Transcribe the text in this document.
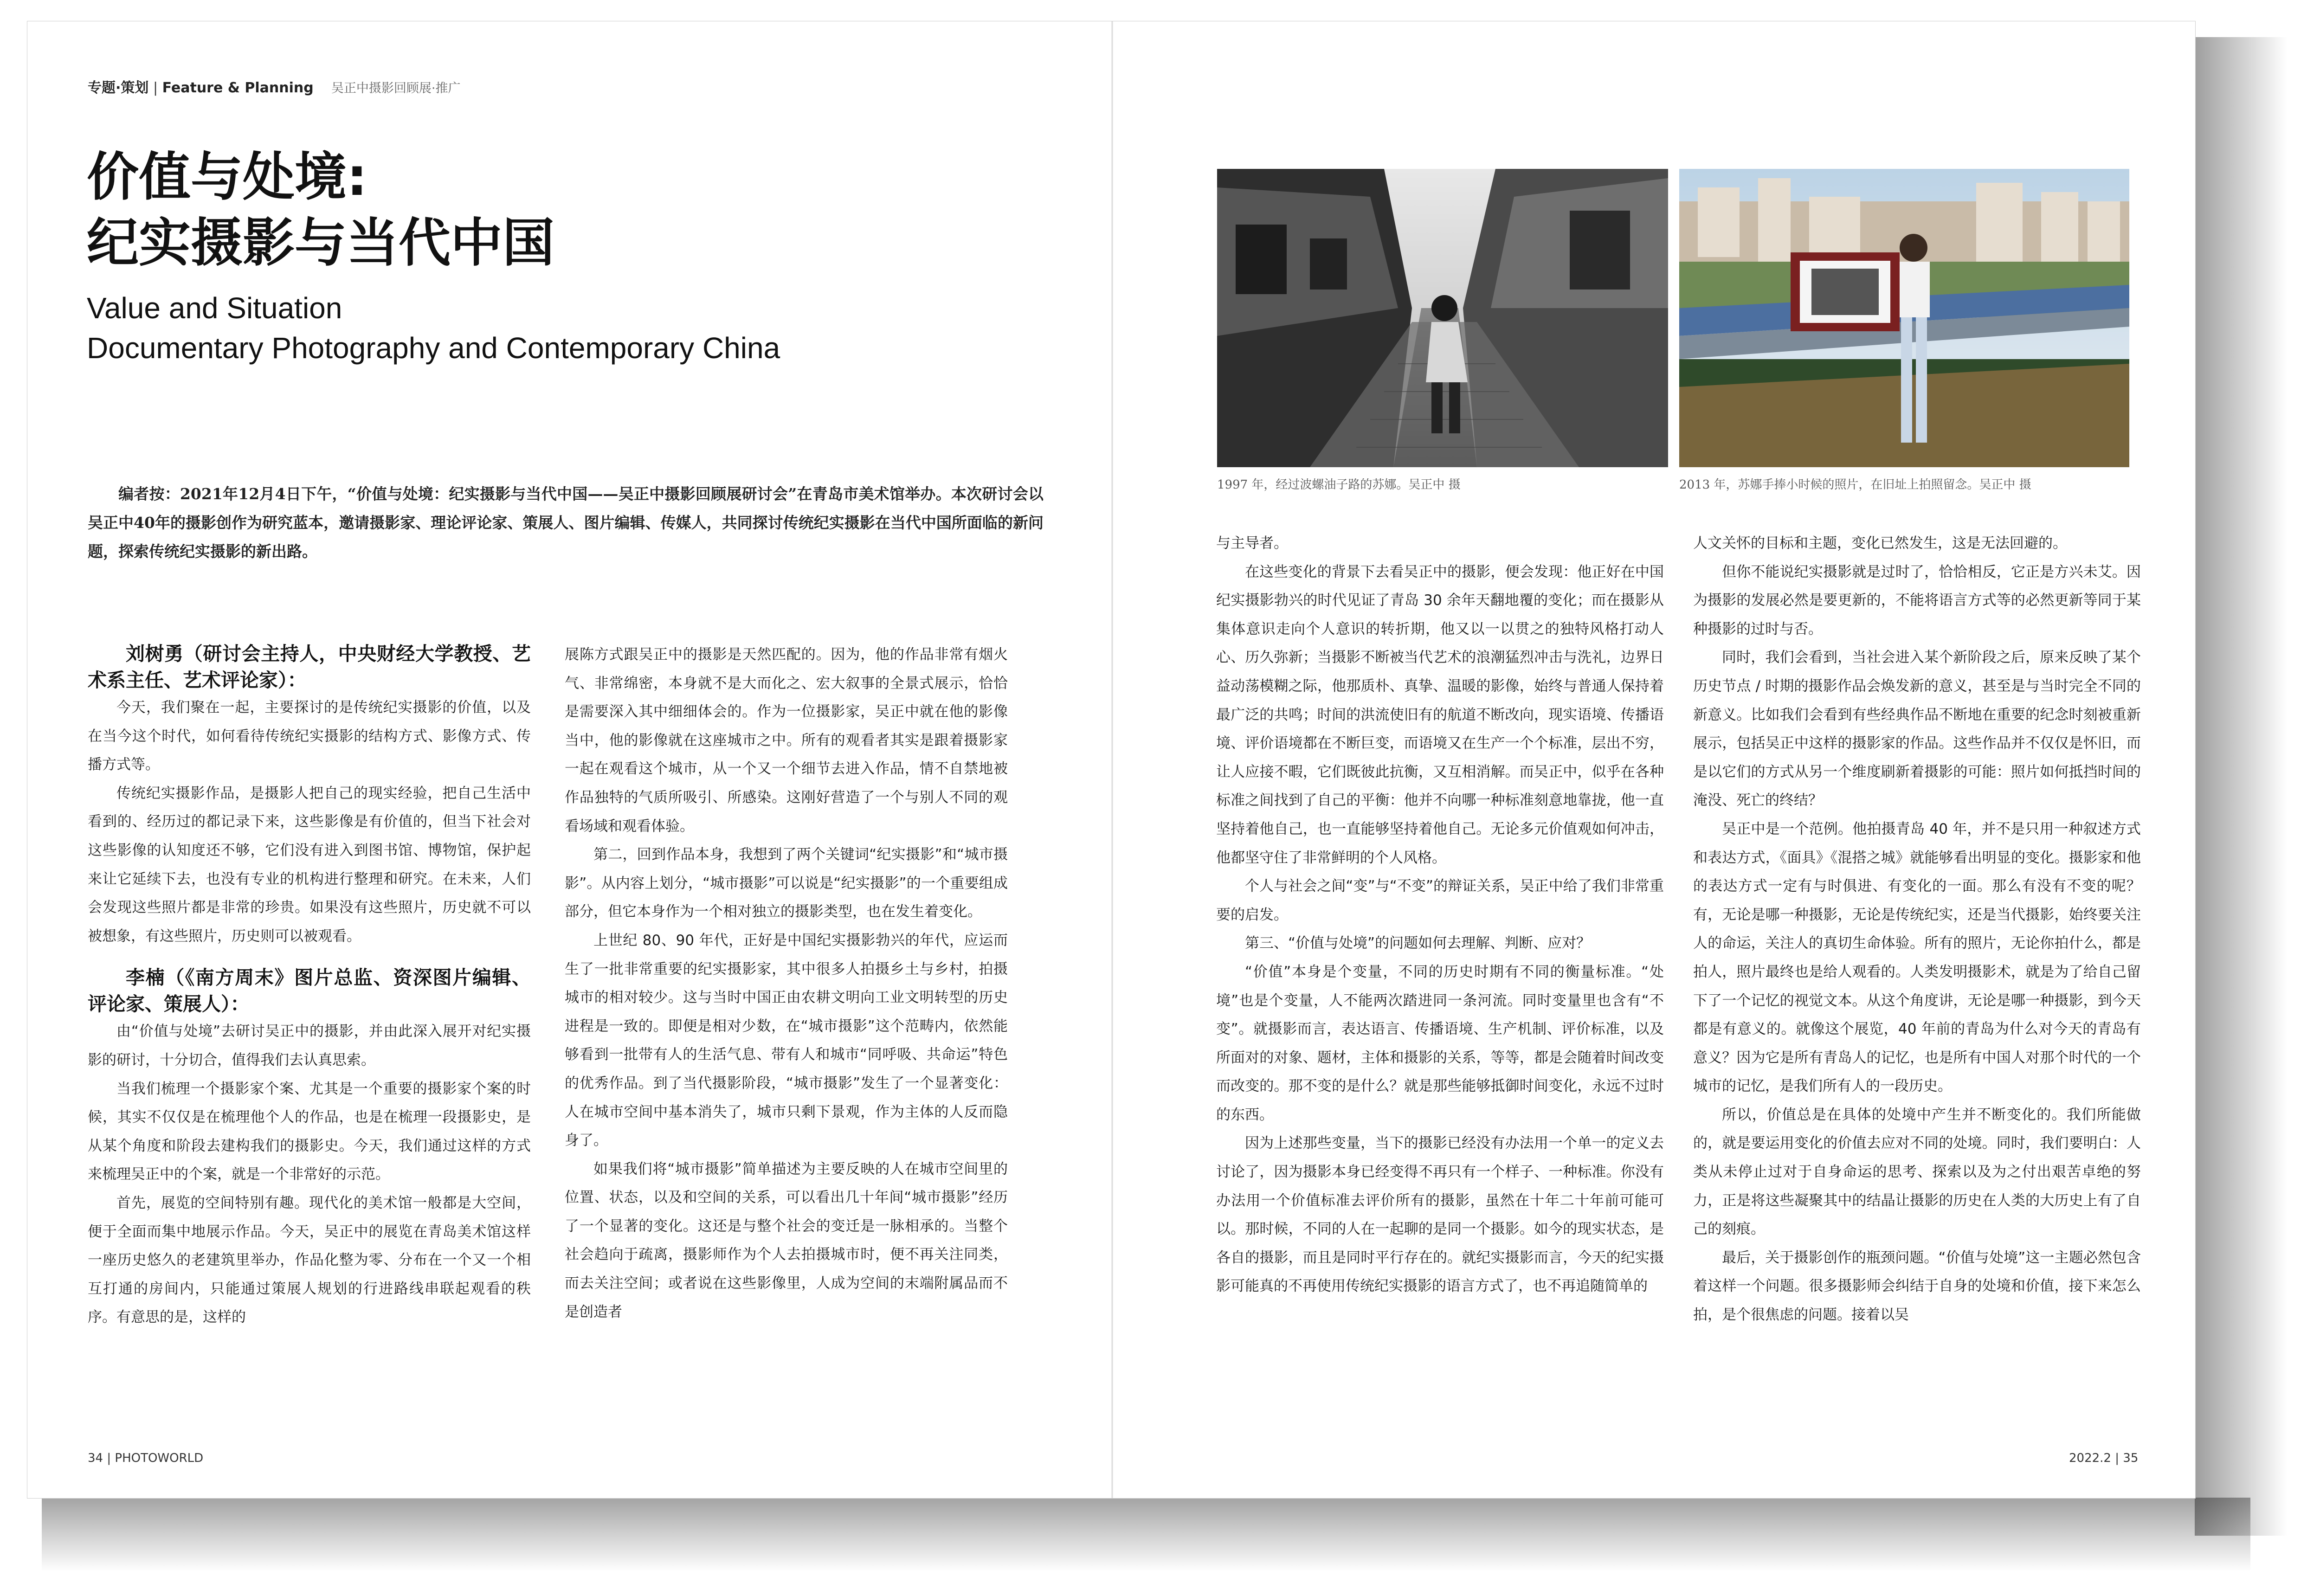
专题·策划 | Feature & Planning 吴正中摄影回顾展·推广
价值与处境:
纪实摄影与当代中国
Value and Situation
Documentary Photography and Contemporary China

编者按：2021年12月4日下午，“价值与处境：纪实摄影与当代中国——吴正中摄影回顾展研讨会”在青岛市美术馆举办。本次研讨会以吴正中40年的摄影创作为研究蓝本，邀请摄影家、理论评论家、策展人、图片编辑、传媒人，共同探讨传统纪实摄影在当代中国所面临的新问题，探索传统纪实摄影的新出路。

刘树勇（研讨会主持人，中央财经大学教授、艺术系主任、艺术评论家）：

今天，我们聚在一起，主要探讨的是传统纪实摄影的价值，以及在当今这个时代，如何看待传统纪实摄影的结构方式、影像方式、传播方式等。

传统纪实摄影作品，是摄影人把自己的现实经验，把自己生活中看到的、经历过的都记录下来，这些影像是有价值的，但当下社会对这些影像的认知度还不够，它们没有进入到图书馆、博物馆，保护起来让它延续下去，也没有专业的机构进行整理和研究。在未来，人们会发现这些照片都是非常的珍贵。如果没有这些照片，历史就不可以被想象，有这些照片，历史则可以被观看。

李楠（《南方周末》图片总监、资深图片编辑、评论家、策展人）：

由“价值与处境”去研讨吴正中的摄影，并由此深入展开对纪实摄影的研讨，十分切合，值得我们去认真思索。

当我们梳理一个摄影家个案、尤其是一个重要的摄影家个案的时候，其实不仅仅是在梳理他个人的作品，也是在梳理一段摄影史，是从某个角度和阶段去建构我们的摄影史。今天，我们通过这样的方式来梳理吴正中的个案，就是一个非常好的示范。

首先，展览的空间特别有趣。现代化的美术馆一般都是大空间，便于全面而集中地展示作品。今天，吴正中的展览在青岛美术馆这样一座历史悠久的老建筑里举办，作品化整为零、分布在一个又一个相互打通的房间内，只能通过策展人规划的行进路线串联起观看的秩序。有意思的是，这样的

展陈方式跟吴正中的摄影是天然匹配的。因为，他的作品非常有烟火气、非常绵密，本身就不是大而化之、宏大叙事的全景式展示，恰恰是需要深入其中细细体会的。作为一位摄影家，吴正中就在他的影像当中，他的影像就在这座城市之中。所有的观看者其实是跟着摄影家一起在观看这个城市，从一个又一个细节去进入作品，情不自禁地被作品独特的气质所吸引、所感染。这刚好营造了一个与别人不同的观看场域和观看体验。

第二，回到作品本身，我想到了两个关键词“纪实摄影”和“城市摄影”。从内容上划分，“城市摄影”可以说是“纪实摄影”的一个重要组成部分，但它本身作为一个相对独立的摄影类型，也在发生着变化。

上世纪 80、90 年代，正好是中国纪实摄影勃兴的年代，应运而生了一批非常重要的纪实摄影家，其中很多人拍摄乡土与乡村，拍摄城市的相对较少。这与当时中国正由农耕文明向工业文明转型的历史进程是一致的。即便是相对少数，在“城市摄影”这个范畴内，依然能够看到一批带有人的生活气息、带有人和城市“同呼吸、共命运”特色的优秀作品。到了当代摄影阶段，“城市摄影”发生了一个显著变化：人在城市空间中基本消失了，城市只剩下景观，作为主体的人反而隐身了。

如果我们将“城市摄影”简单描述为主要反映的人在城市空间里的位置、状态，以及和空间的关系，可以看出几十年间“城市摄影”经历了一个显著的变化。这还是与整个社会的变迁是一脉相承的。当整个社会趋向于疏离，摄影师作为个人去拍摄城市时，便不再关注同类，而去关注空间；或者说在这些影像里，人成为空间的末端附属品而不是创造者

1997 年，经过波螺油子路的苏娜。吴正中 摄	2013 年，苏娜手捧小时候的照片，在旧址上拍照留念。吴正中 摄

与主导者。

在这些变化的背景下去看吴正中的摄影，便会发现：他正好在中国纪实摄影勃兴的时代见证了青岛 30 余年天翻地覆的变化；而在摄影从集体意识走向个人意识的转折期，他又以一以贯之的独特风格打动人心、历久弥新；当摄影不断被当代艺术的浪潮猛烈冲击与洗礼，边界日益动荡模糊之际，他那质朴、真挚、温暖的影像，始终与普通人保持着最广泛的共鸣；时间的洪流使旧有的航道不断改向，现实语境、传播语境、评价语境都在不断巨变，而语境又在生产一个个标准，层出不穷，让人应接不暇，它们既彼此抗衡，又互相消解。而吴正中，似乎在各种标准之间找到了自己的平衡：他并不向哪一种标准刻意地靠拢，他一直坚持着他自己，也一直能够坚持着他自己。无论多元价值观如何冲击，他都坚守住了非常鲜明的个人风格。

个人与社会之间“变”与“不变”的辩证关系，吴正中给了我们非常重要的启发。

第三、“价值与处境”的问题如何去理解、判断、应对？

“价值”本身是个变量，不同的历史时期有不同的衡量标准。“处境”也是个变量，人不能两次踏进同一条河流。同时变量里也含有“不变”。就摄影而言，表达语言、传播语境、生产机制、评价标准，以及所面对的对象、题材，主体和摄影的关系，等等，都是会随着时间改变而改变的。那不变的是什么？就是那些能够抵御时间变化，永远不过时的东西。

因为上述那些变量，当下的摄影已经没有办法用一个单一的定义去讨论了，因为摄影本身已经变得不再只有一个样子、一种标准。你没有办法用一个价值标准去评价所有的摄影，虽然在十年二十年前可能可以。那时候，不同的人在一起聊的是同一个摄影。如今的现实状态，是各自的摄影，而且是同时平行存在的。就纪实摄影而言，今天的纪实摄影可能真的不再使用传统纪实摄影的语言方式了，也不再追随简单的

人文关怀的目标和主题，变化已然发生，这是无法回避的。

但你不能说纪实摄影就是过时了，恰恰相反，它正是方兴未艾。因为摄影的发展必然是要更新的，不能将语言方式等的必然更新等同于某种摄影的过时与否。

同时，我们会看到，当社会进入某个新阶段之后，原来反映了某个历史节点 / 时期的摄影作品会焕发新的意义，甚至是与当时完全不同的新意义。比如我们会看到有些经典作品不断地在重要的纪念时刻被重新展示，包括吴正中这样的摄影家的作品。这些作品并不仅仅是怀旧，而是以它们的方式从另一个维度刷新着摄影的可能：照片如何抵挡时间的淹没、死亡的终结？

吴正中是一个范例。他拍摄青岛 40 年，并不是只用一种叙述方式和表达方式，《面具》《混搭之城》就能够看出明显的变化。摄影家和他的表达方式一定有与时俱进、有变化的一面。那么有没有不变的呢？有，无论是哪一种摄影，无论是传统纪实，还是当代摄影，始终要关注人的命运，关注人的真切生命体验。所有的照片，无论你拍什么，都是拍人，照片最终也是给人观看的。人类发明摄影术，就是为了给自己留下了一个记忆的视觉文本。从这个角度讲，无论是哪一种摄影，到今天都是有意义的。就像这个展览，40 年前的青岛为什么对今天的青岛有意义？因为它是所有青岛人的记忆，也是所有中国人对那个时代的一个城市的记忆，是我们所有人的一段历史。

所以，价值总是在具体的处境中产生并不断变化的。我们所能做的，就是要运用变化的价值去应对不同的处境。同时，我们要明白：人类从未停止过对于自身命运的思考、探索以及为之付出艰苦卓绝的努力，正是将这些凝聚其中的结晶让摄影的历史在人类的大历史上有了自己的刻痕。

最后，关于摄影创作的瓶颈问题。“价值与处境”这一主题必然包含着这样一个问题。很多摄影师会纠结于自身的处境和价值，接下来怎么拍，是个很焦虑的问题。接着以吴

34 | PHOTOWORLD	2022.2 | 35
